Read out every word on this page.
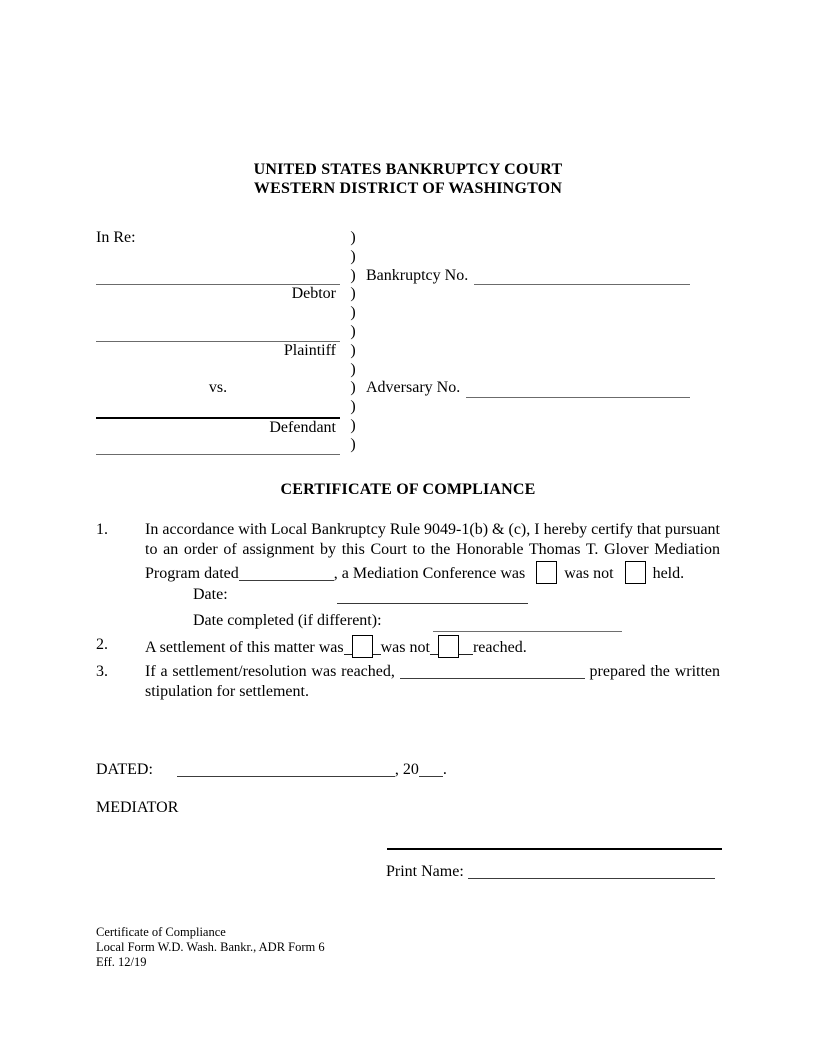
UNITED STATES BANKRUPTCY COURT
WESTERN DISTRICT OF WASHINGTON
In Re:	)
)
) Bankruptcy No.
Debtor )
)
)
Plaintiff )
)
vs.	) Adversary No.
)
Defendant )
)
CERTIFICATE OF COMPLIANCE
1.	In accordance with Local Bankruptcy Rule 9049-1(b) & (c), I hereby certify that pursuant to an order of assignment by this Court to the Honorable Thomas T. Glover Mediation Program dated	, a Mediation Conference was was not held.
Date:
Date completed (if different):
2.	A settlement of this matter was was not	reached.
3.	If a settlement/resolution was reached,	prepared the written stipulation for settlement.
DATED:	, 20 .
MEDIATOR
Print Name:
Certificate of Compliance
Local Form W.D. Wash. Bankr., ADR Form 6
Eff. 12/19
